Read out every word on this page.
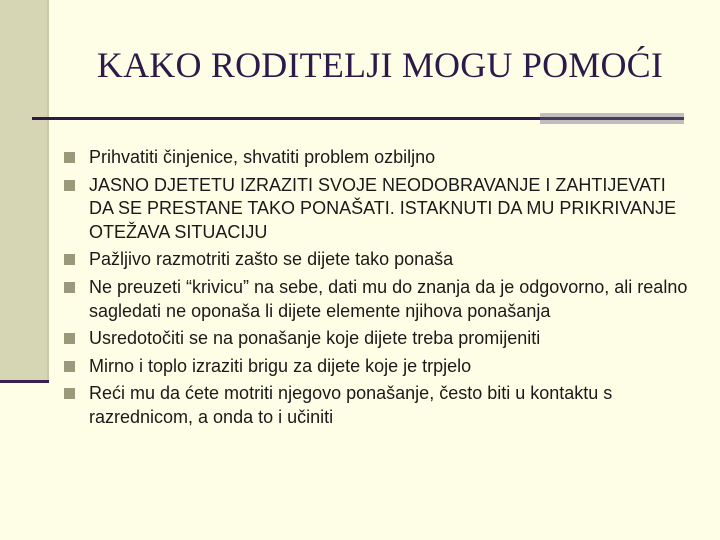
KAKO RODITELJI MOGU POMOĆI
Prihvatiti činjenice, shvatiti problem ozbiljno
JASNO DJETETU IZRAZITI SVOJE NEODOBRAVANJE I ZAHTIJEVATI DA SE PRESTANE TAKO PONAŠATI. ISTAKNUTI DA MU PRIKRIVANJE OTEŽAVA SITUACIJU
Pažljivo razmotriti zašto se dijete tako ponaša
Ne preuzeti “krivicu” na sebe, dati mu do znanja da je odgovorno, ali realno sagledati ne oponaša li dijete elemente njihova ponašanja
Usredotočiti se na ponašanje koje dijete treba promijeniti
Mirno i toplo izraziti brigu za dijete koje je trpjelo
Reći mu da ćete motriti njegovo ponašanje, često biti u kontaktu s razrednicom, a onda to i učiniti
